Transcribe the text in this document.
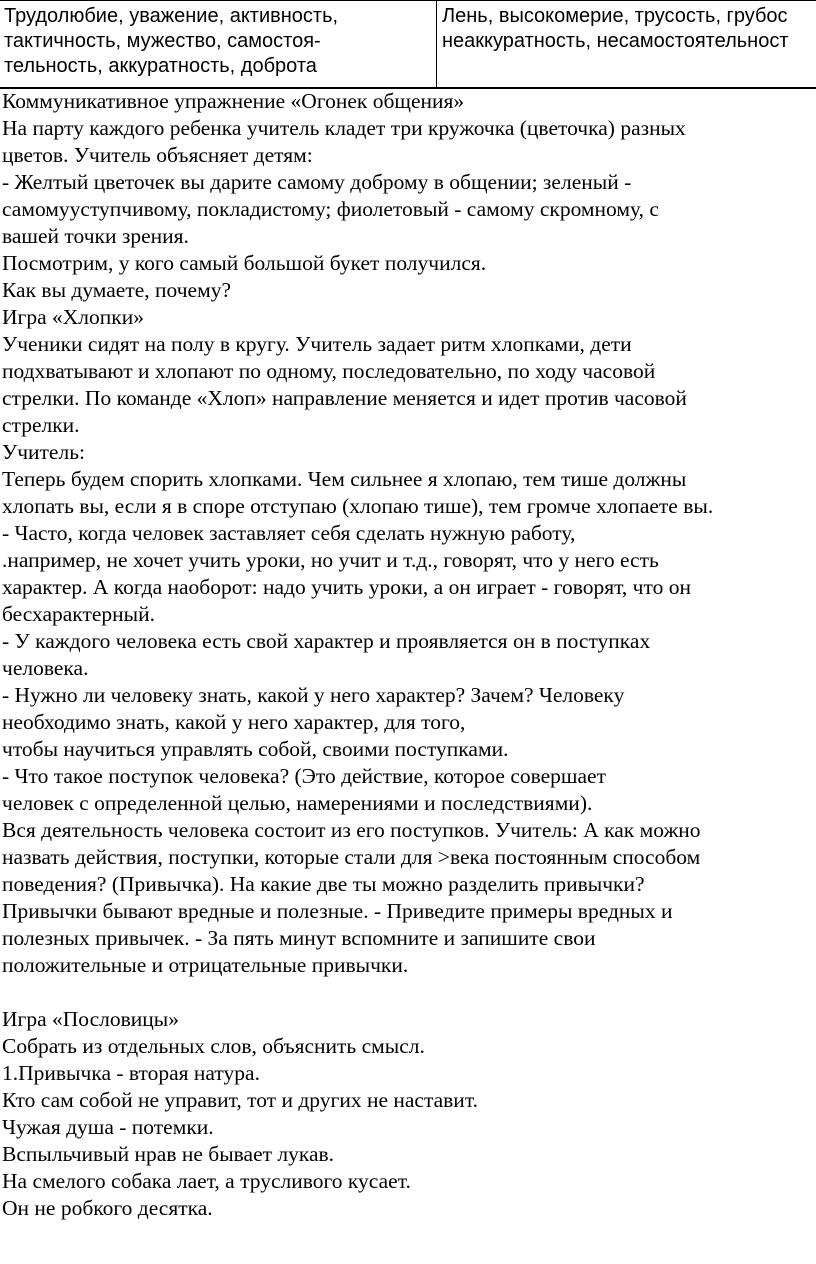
Трудолюбие, уважение, активность,
тактичность, мужество, самостоя-
тельность, аккуратность, доброта
Лень, высокомерие, трусость, грубос
неаккуратность, несамостоятельност

Коммуникативное упражнение «Огонек общения»

На парту каждого ребенка учитель кладет три кружочка (цветочка) разных

цветов. Учитель объясняет детям:

- Желтый цветочек вы дарите самому доброму в общении; зеленый -

самомууступчивому, покладистому; фиолетовый - самому скромному, с

вашей точки зрения.

Посмотрим, у кого самый большой букет получился.

Как вы думаете, почему?

Игра «Хлопки»

Ученики сидят на полу в кругу. Учитель задает ритм хлопками, дети

подхватывают и хлопают по одному, последовательно, по ходу часовой

стрелки. По команде «Хлоп» направление меняется и идет против часовой

стрелки.

Учитель:

Теперь будем спорить хлопками. Чем сильнее я хлопаю, тем тише должны

хлопать вы, если я в споре отступаю (хлопаю тише), тем громче хлопаете вы.

- Часто, когда человек заставляет себя сделать нужную работу,

.например, не хочет учить уроки, но учит и т.д., говорят, что у него есть

характер. А когда наоборот: надо учить уроки, а он играет - говорят, что он

бесхарактерный.

- У каждого человека есть свой характер и проявляется он в поступках

человека.

- Нужно ли человеку знать, какой у него характер? Зачем? Человеку

необходимо знать, какой у него характер, для того,

чтобы научиться управлять собой, своими поступками.

- Что такое поступок человека? (Это действие, которое совершает

человек с определенной целью, намерениями и последствиями).

Вся деятельность человека состоит из его поступков. Учитель: А как можно

назвать действия, поступки, которые стали для >века постоянным способом

поведения? (Привычка). На какие две ты можно разделить привычки?

Привычки бывают вредные и полезные. - Приведите примеры вредных и

полезных привычек. - За пять минут вспомните и запишите свои

положительные и отрицательные привычки.

Игра «Пословицы»

Собрать из отдельных слов, объяснить смысл.

1.Привычка - вторая натура.

Кто сам собой не управит, тот и других не наставит.

Чужая душа - потемки.

Вспыльчивый нрав не бывает лукав.

На смелого собака лает, а трусливого кусает.

Он не робкого десятка.
